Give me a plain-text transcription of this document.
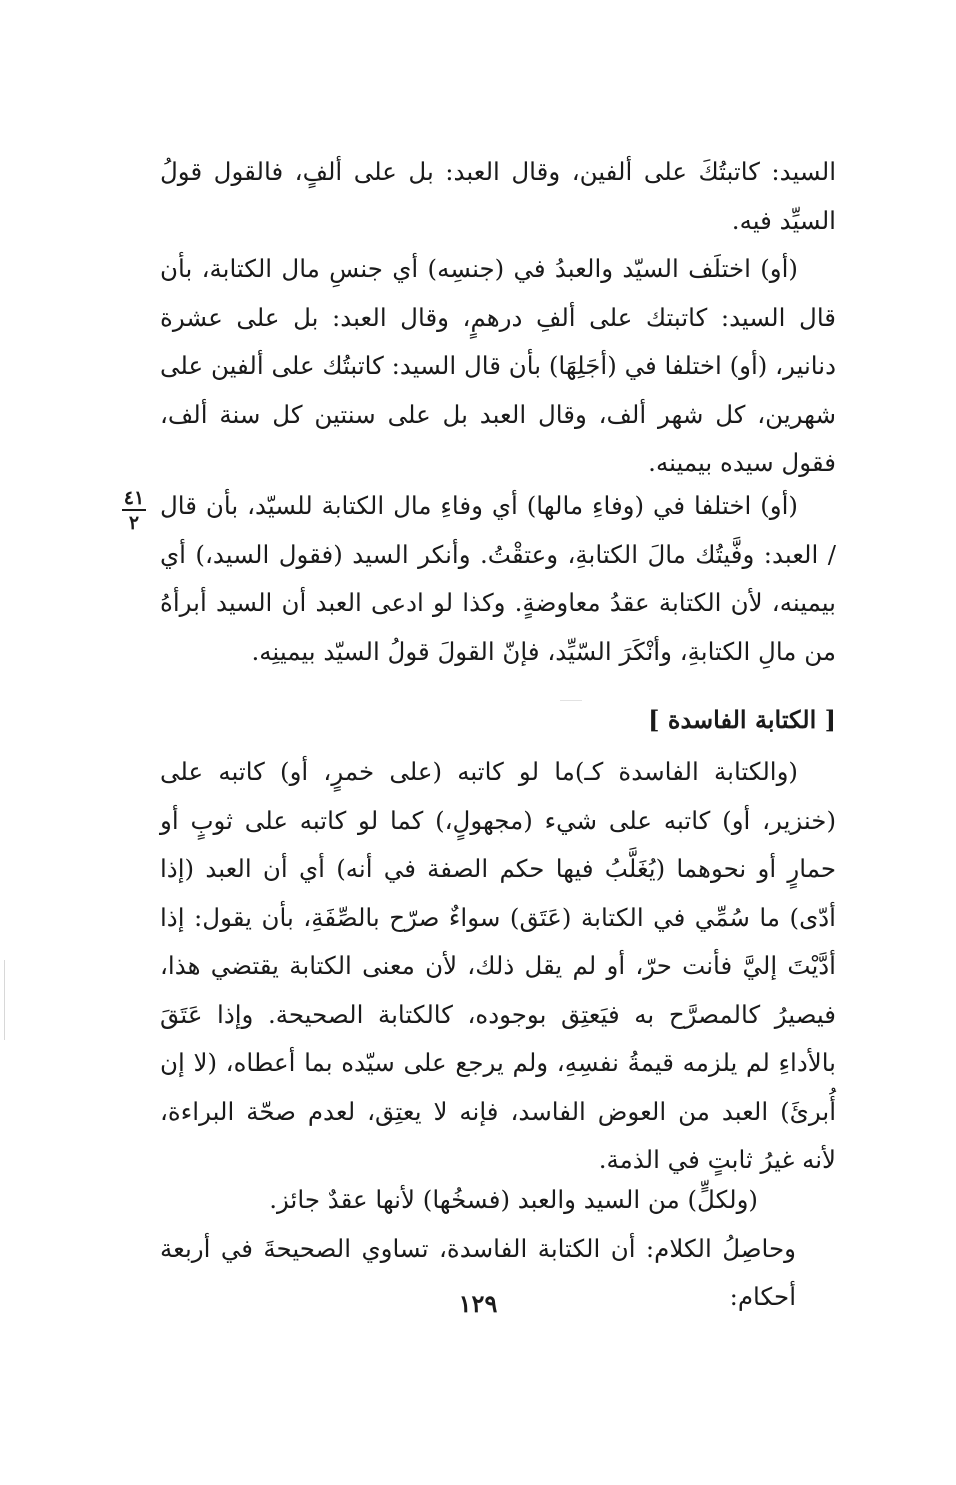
السيد: كاتبتُكَ على ألفين، وقال العبد: بل على ألفٍ، فالقول قولُ السيِّد فيه.

(أو) اختلَف السيّد والعبدُ في (جنسِه) أي جنسِ مال الكتابة، بأن قال السيد: كاتبتك على ألفِ درهمٍ، وقال العبد: بل على عشرة دنانير، (أو) اختلفا في (أجَلِهَا) بأن قال السيد: كاتبتُك على ألفين على شهرين، كل شهر ألف، وقال العبد بل على سنتين كل سنة ألف، فقول سيده بيمينه.

٤١
٢

(أو) اختلفا في (وفاءِ مالها) أي وفاءِ مال الكتابة للسيّد، بأن قال / العبد: وفَّيتُك مالَ الكتابةِ، وعتقْتُ. وأنكر السيد (فقول السيد،) أي بيمينه، لأن الكتابة عقدُ معاوضةٍ. وكذا لو ادعى العبد أن السيد أبرأهُ من مالِ الكتابةِ، وأنْكَرَ السّيِّد، فإنّ القولَ قولُ السيّد بيمينِه.

[ الكتابة الفاسدة ]

(والكتابة الفاسدة كـ)ما لو كاتبه (على خمرٍ، أو) كاتبه على (خنزير، أو) كاتبه على شيء (مجهولٍ،) كما لو كاتبه على ثوبٍ أو حمارٍ أو نحوهما (يُغَلَّبُ فيها حكم الصفة في أنه) أي أن العبد (إذا أدّى) ما سُمِّي في الكتابة (عَتَق) سواءٌ صرّح بالصِّفَةِ، بأن يقول: إذا أدَّيْتَ إليَّ فأنت حرّ، أو لم يقل ذلك، لأن معنى الكتابة يقتضي هذا، فيصيرُ كالمصرَّح به فيَعتِق بوجوده، كالكتابة الصحيحة. وإذا عَتَقَ بالأداءِ لم يلزمه قيمةُ نفسِهِ، ولم يرجع على سيّده بما أعطاه، (لا إن أُبرئَ) العبد من العوض الفاسد، فإنه لا يعتِق، لعدم صحّة البراءة، لأنه غيرُ ثابتٍ في الذمة.

(ولكلٍّ) من السيد والعبد (فسخُها) لأنها عقدٌ جائز.

وحاصِلُ الكلام: أن الكتابة الفاسدة، تساوي الصحيحةَ في أربعة أحكام:

١٢٩
